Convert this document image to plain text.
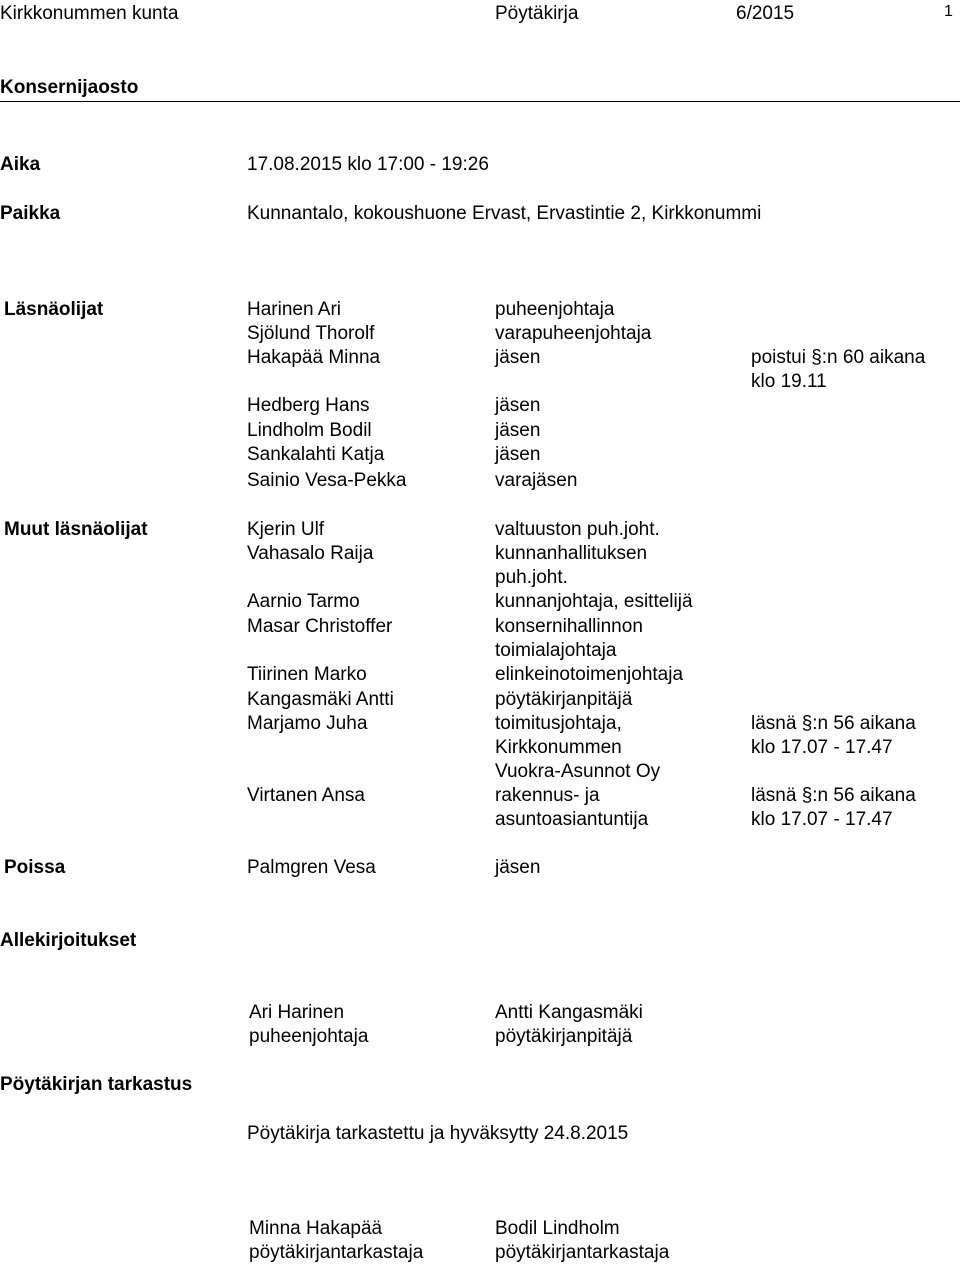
Kirkkonummen kunta	Pöytäkirja	6/2015	1
Konsernijaosto
Aika	17.08.2015 klo 17:00 - 19:26
Paikka	Kunnantalo, kokoushuone Ervast, Ervastintie 2, Kirkkonummi
Läsnäolijat	Harinen Ari	puheenjohtaja
Sjölund Thorolf	varapuheenjohtaja
Hakapää Minna	jäsen	poistui §:n 60 aikana
klo 19.11
Hedberg Hans	jäsen
Lindholm Bodil	jäsen
Sankalahti Katja	jäsen
Sainio Vesa-Pekka	varajäsen
Muut läsnäolijat	Kjerin Ulf	valtuuston puh.joht.
Vahasalo Raija	kunnanhallituksen
puh.joht.
Aarnio Tarmo	kunnanjohtaja, esittelijä
Masar Christoffer	konsernihallinnon
toimialajohtaja
Tiirinen Marko	elinkeinotoimenjohtaja
Kangasmäki Antti	pöytäkirjanpitäjä
Marjamo Juha	toimitusjohtaja,
Kirkkonummen
Vuokra-Asunnot Oy
läsnä §:n 56 aikana
klo 17.07 - 17.47
Virtanen Ansa	rakennus- ja
asuntoasiantuntija
läsnä §:n 56 aikana
klo 17.07 - 17.47
Poissa	Palmgren Vesa	jäsen
Allekirjoitukset
Ari Harinen
puheenjohtaja
Antti Kangasmäki
pöytäkirjanpitäjä
Pöytäkirjan tarkastus
Pöytäkirja tarkastettu ja hyväksytty 24.8.2015
Minna Hakapää
pöytäkirjantarkastaja
Bodil Lindholm
pöytäkirjantarkastaja
